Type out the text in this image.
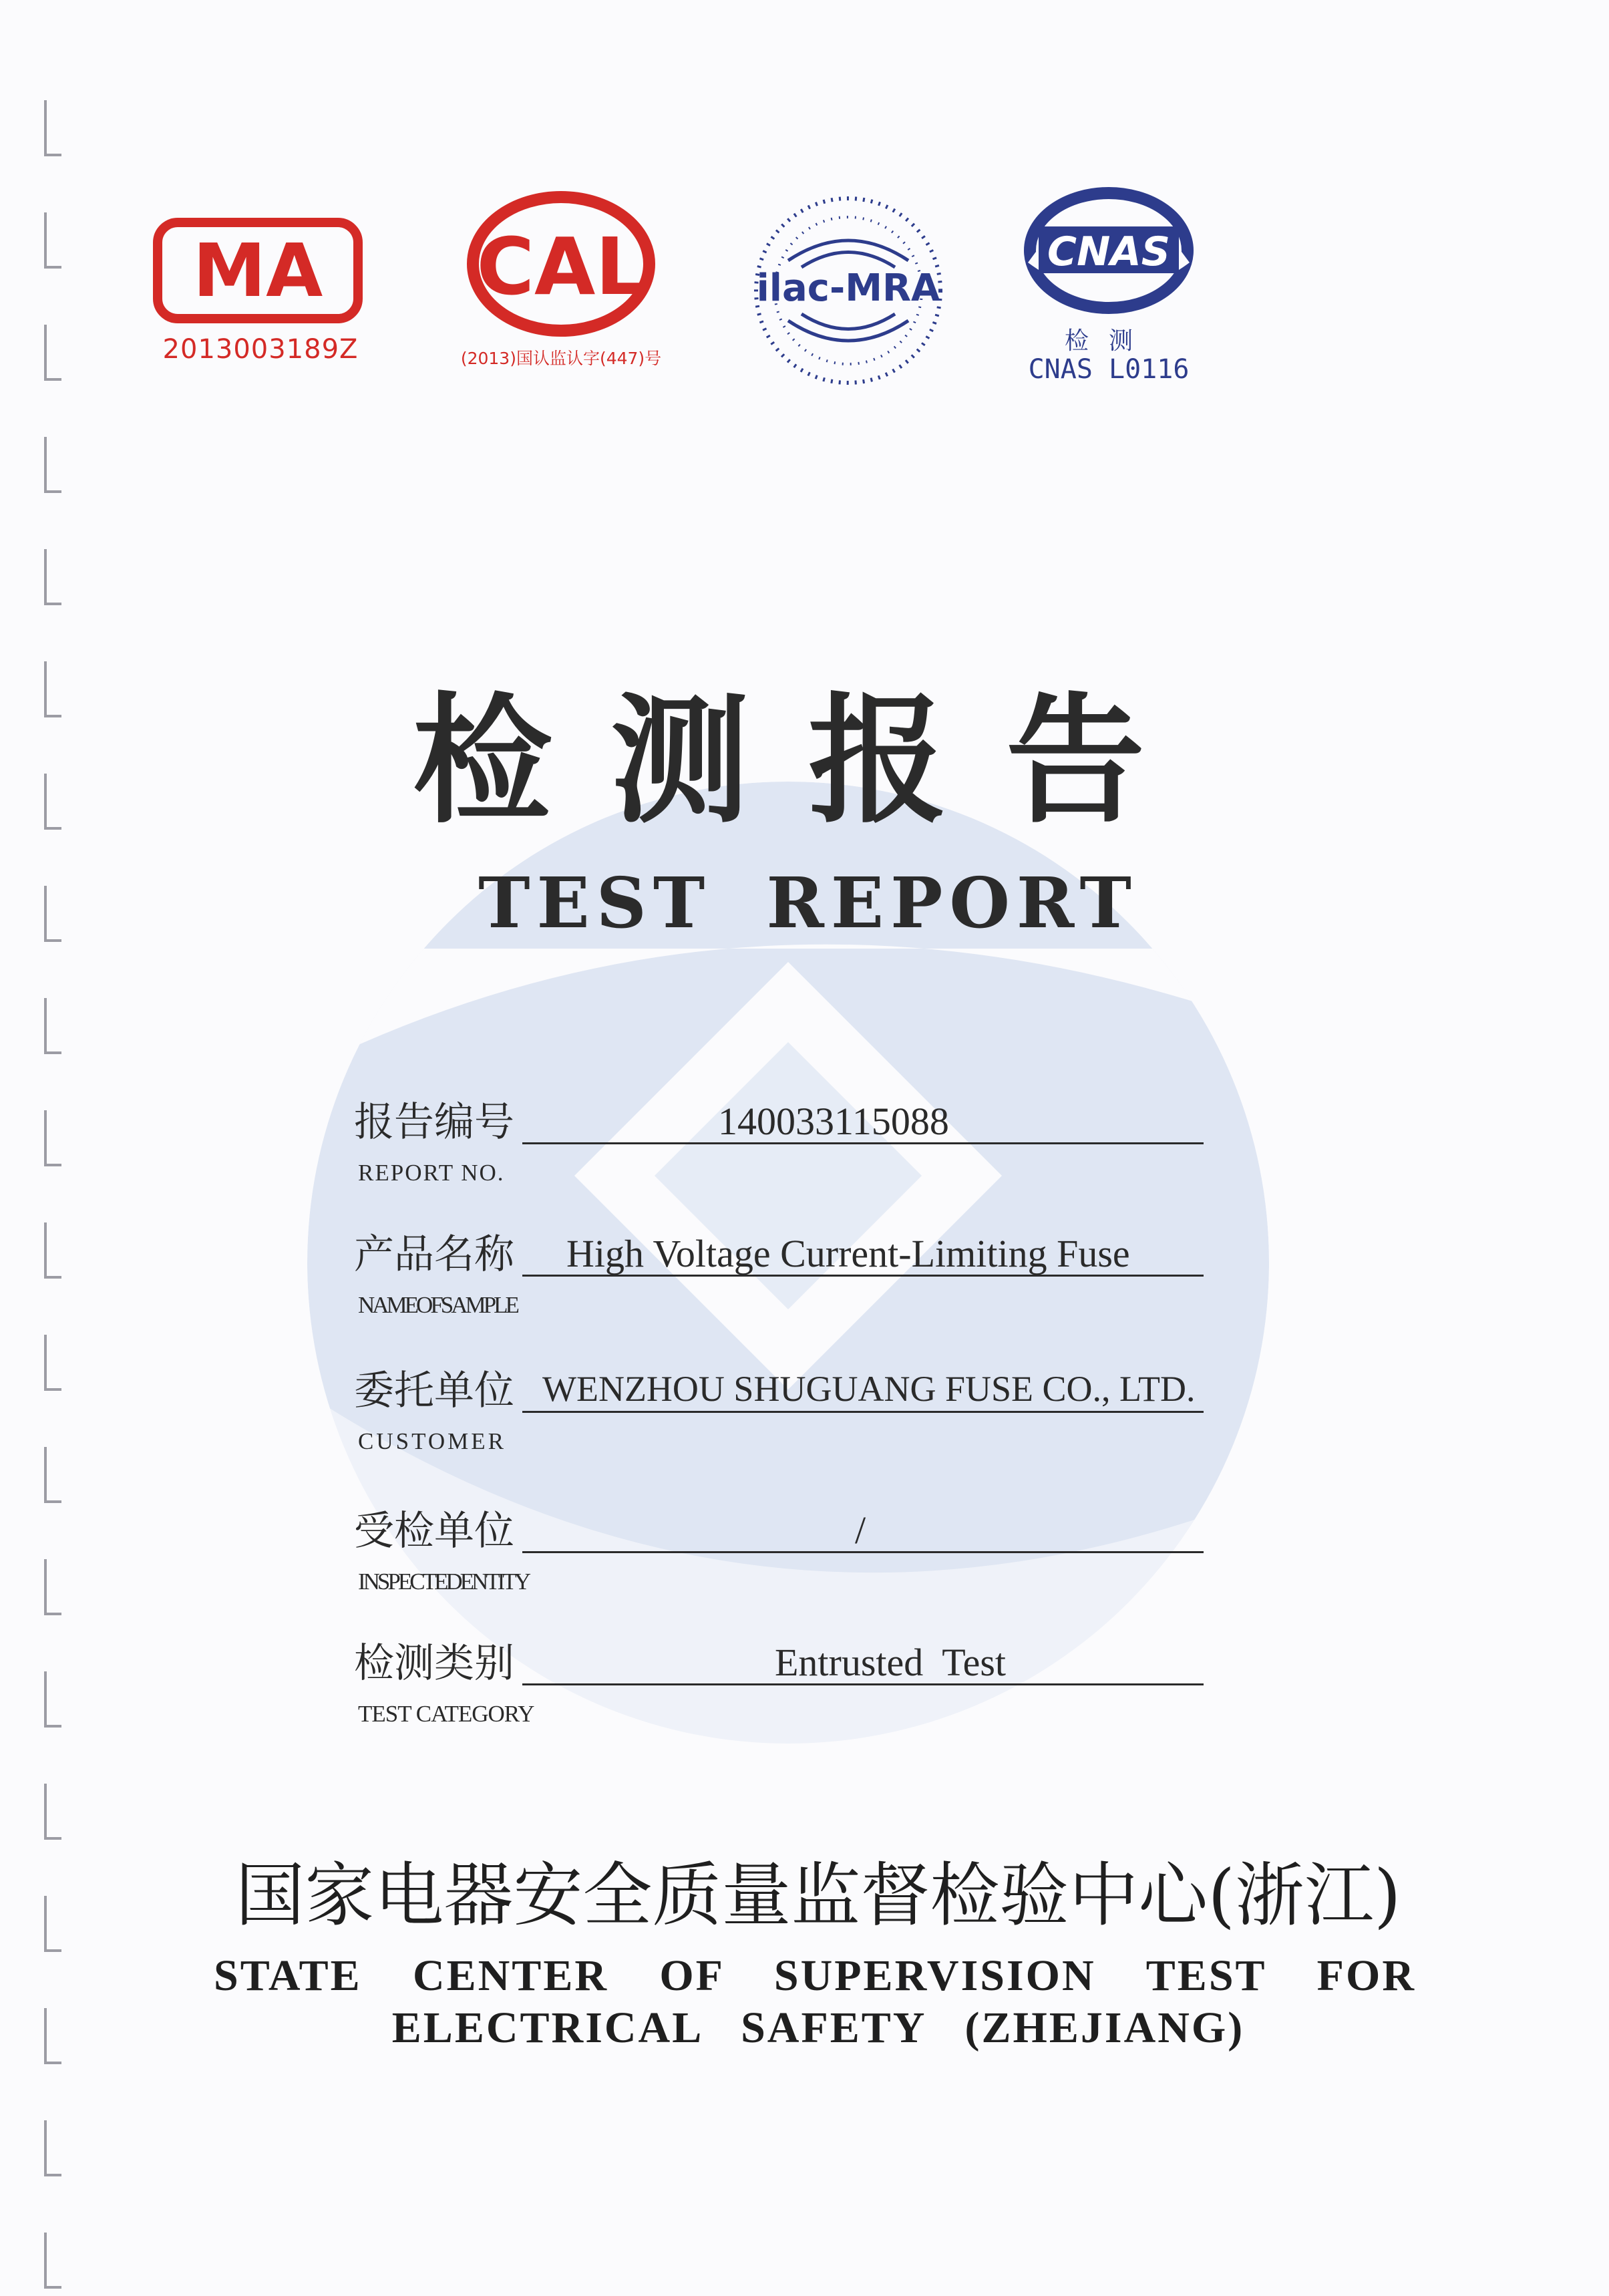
MA
2013003189Z
CAL
(2013)国认监认字(447)号
ilac-MRA
CNAS
检测
CNAS L0116
检测报告
TEST REPORT
报告编号
REPORT NO.
140033115088
产品名称
NAMEOFSAMPLE
High Voltage Current-Limiting Fuse
委托单位
CUSTOMER
WENZHOU SHUGUANG FUSE CO., LTD.
受检单位
INSPECTEDENTITY
/
检测类别
TEST CATEGORY
Entrusted  Test
国家电器安全质量监督检验中心(浙江)
STATE CENTER OF SUPERVISION TEST FOR
ELECTRICAL SAFETY (ZHEJIANG)
